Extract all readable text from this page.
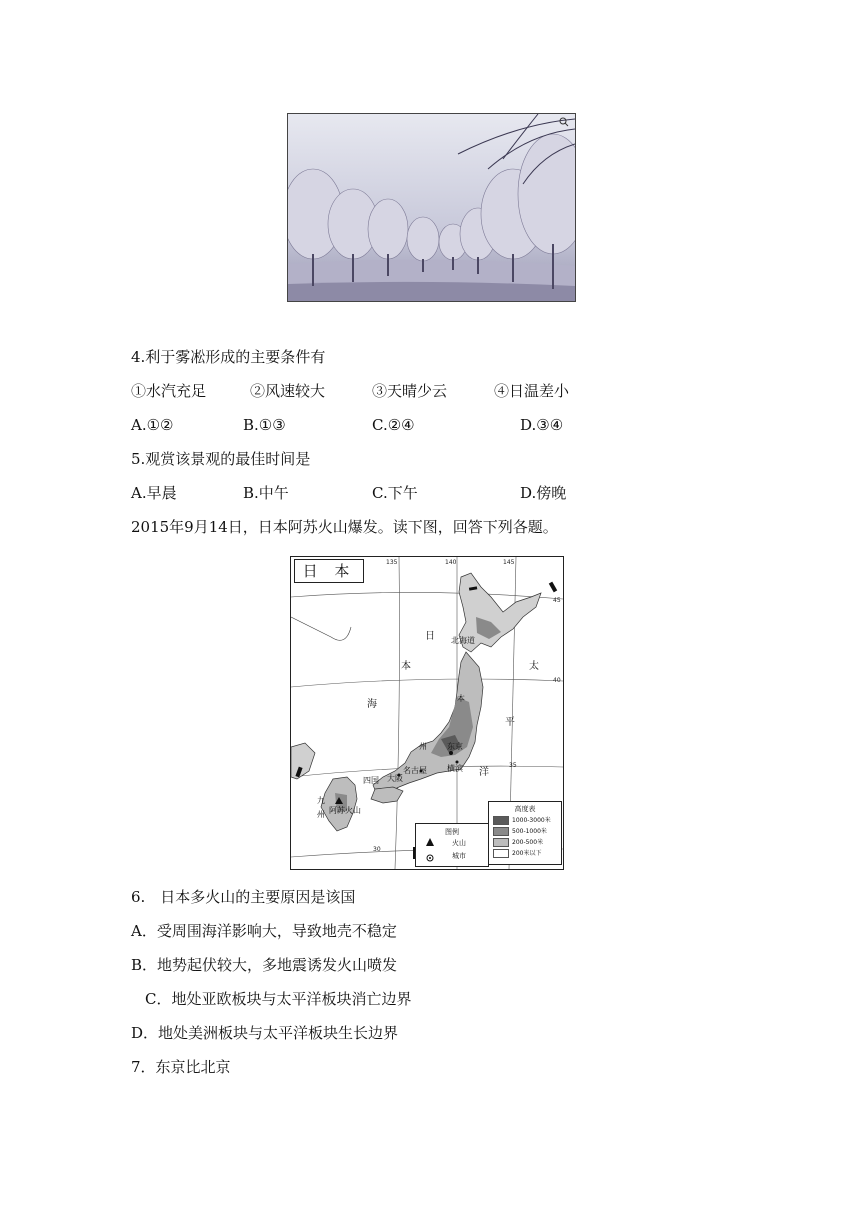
4.利于雾凇形成的主要条件有
①水汽充足	②风速较大	③天晴少云	④日温差小
A.①②	B.①③	C.②④	D.③④
5.观赏该景观的最佳时间是
A.早晨	B.中午	C.下午	D.傍晚
2015年9月14日，日本阿苏火山爆发。读下图，回答下列各题。
日 本	135	140	145
45
40
35
30
日
本
海
太
平
洋
北海道
本
州
四国
九
州
东京
横滨
名古屋
大阪
阿苏火山	高度表
1000-3000米
500-1000米
200-500米
200米以下
图例
火山
城市
6.　日本多火山的主要原因是该国
A．受周围海洋影响大，导致地壳不稳定
B．地势起伏较大，多地震诱发火山喷发
C．地处亚欧板块与太平洋板块消亡边界
D．地处美洲板块与太平洋板块生长边界
7．东京比北京
